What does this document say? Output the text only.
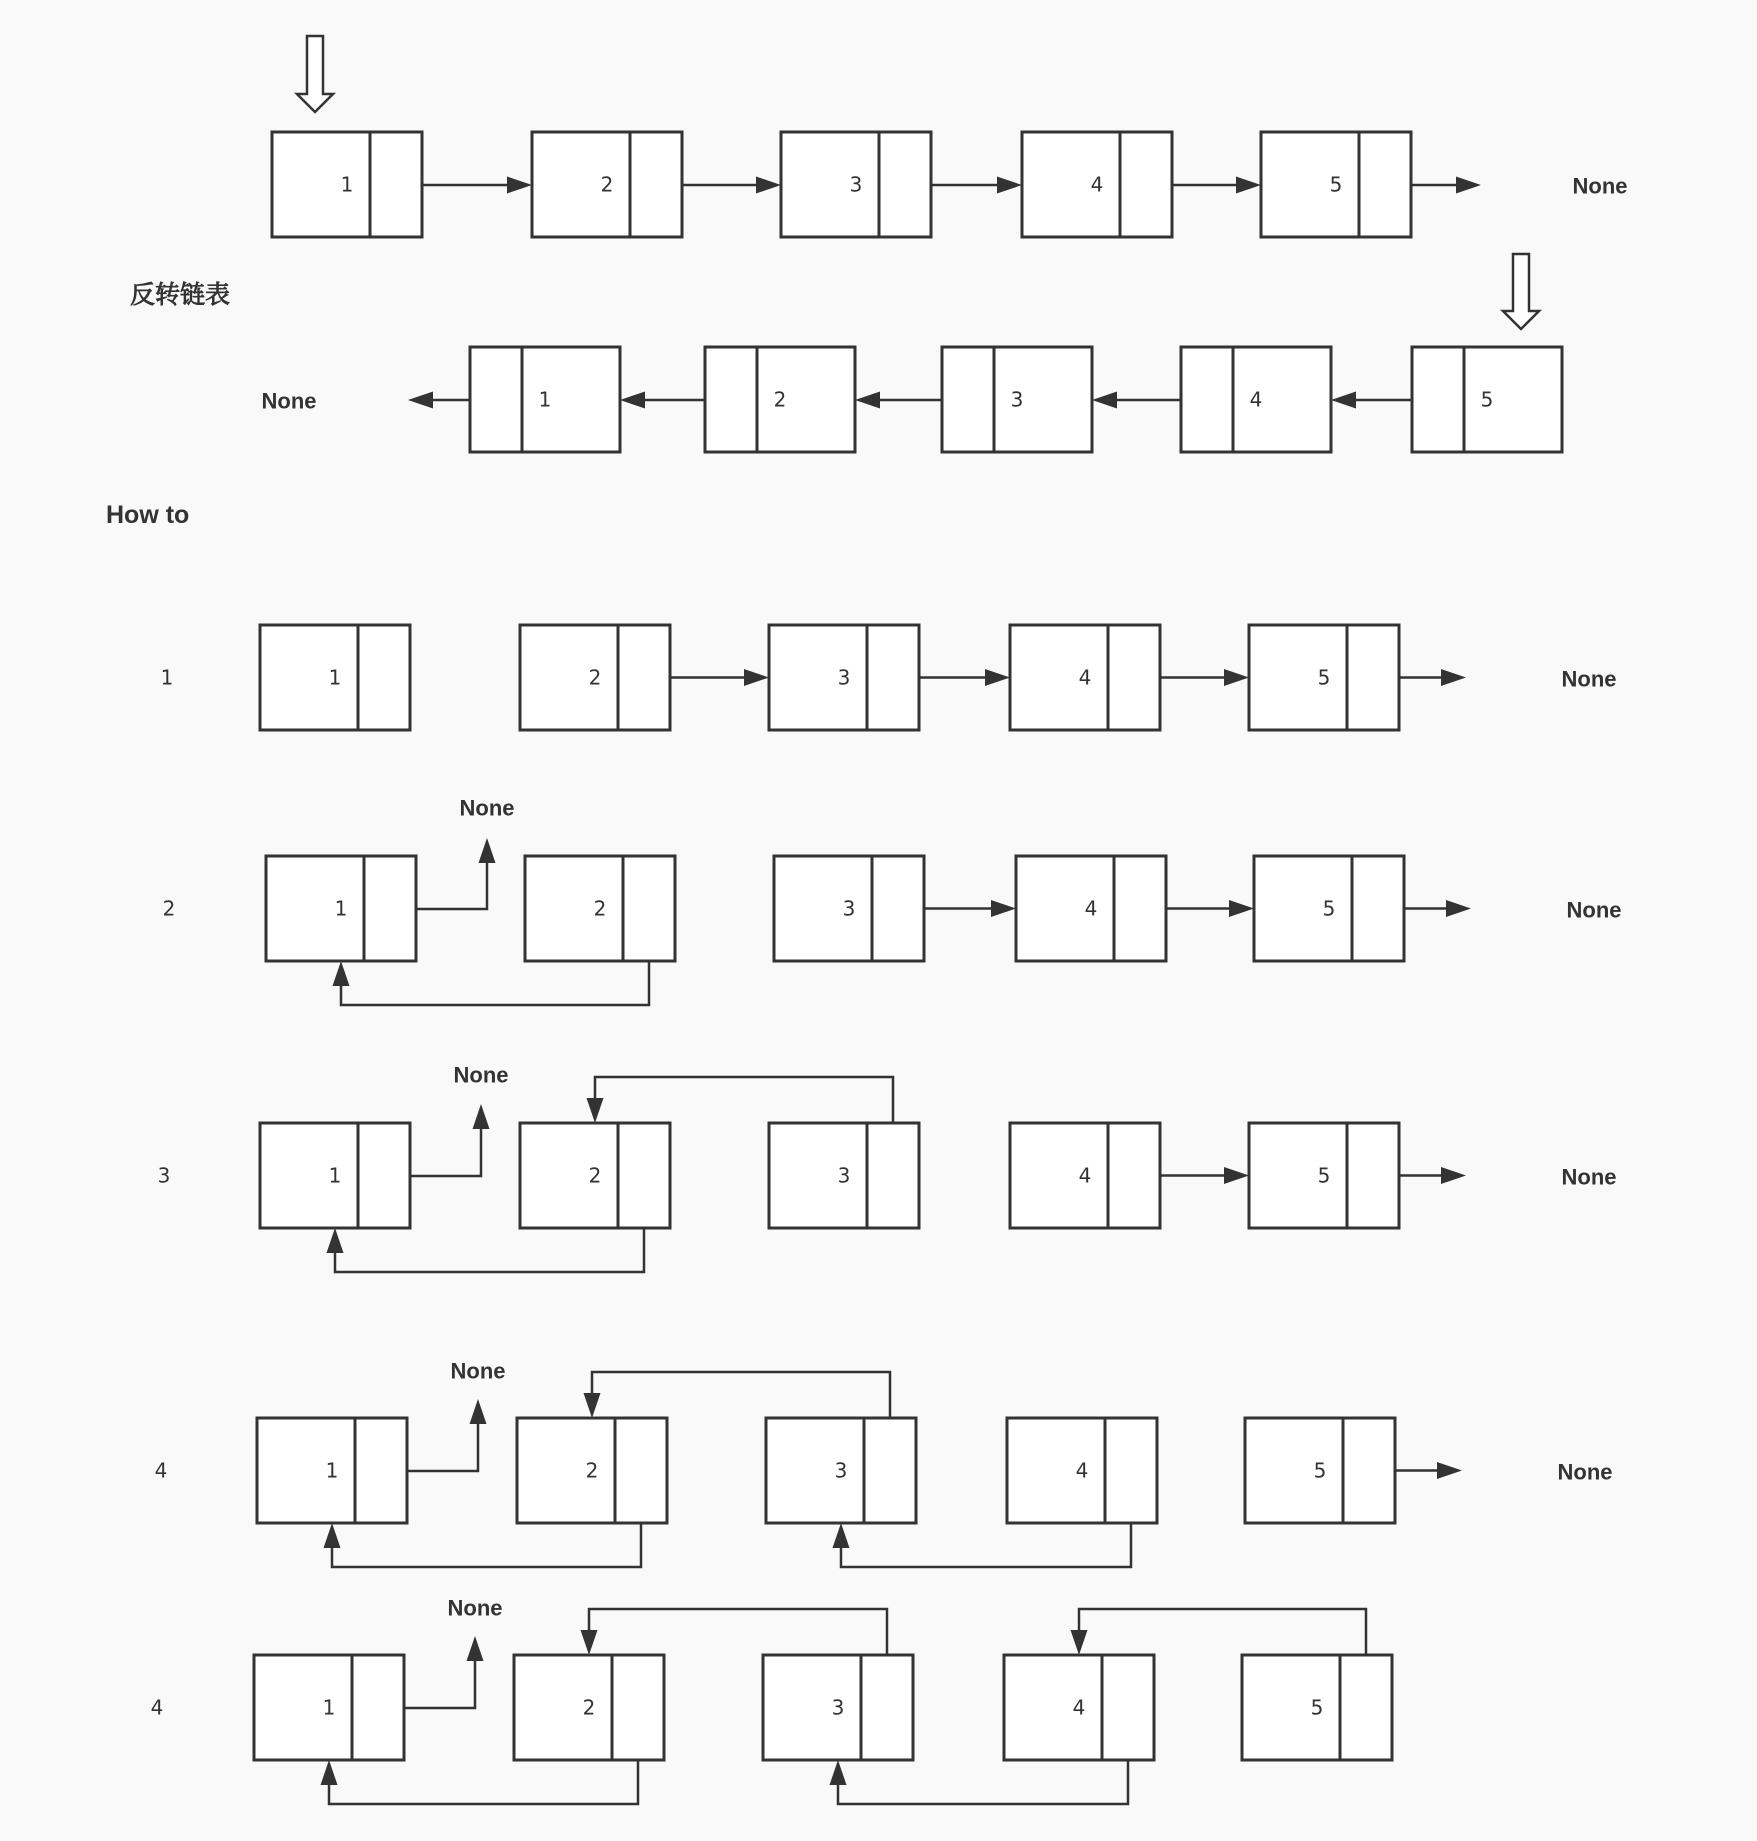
反转链表
How to
1	2	3	4	5	None
1	2	3	4	5
None
1	1	2	3	4	5	None
2	1	2	3	4	5	None
None
3	1	2	3	4	5	None
None
4	1	2	3	4	5	None
None
4	1	2	3	4	5
None
